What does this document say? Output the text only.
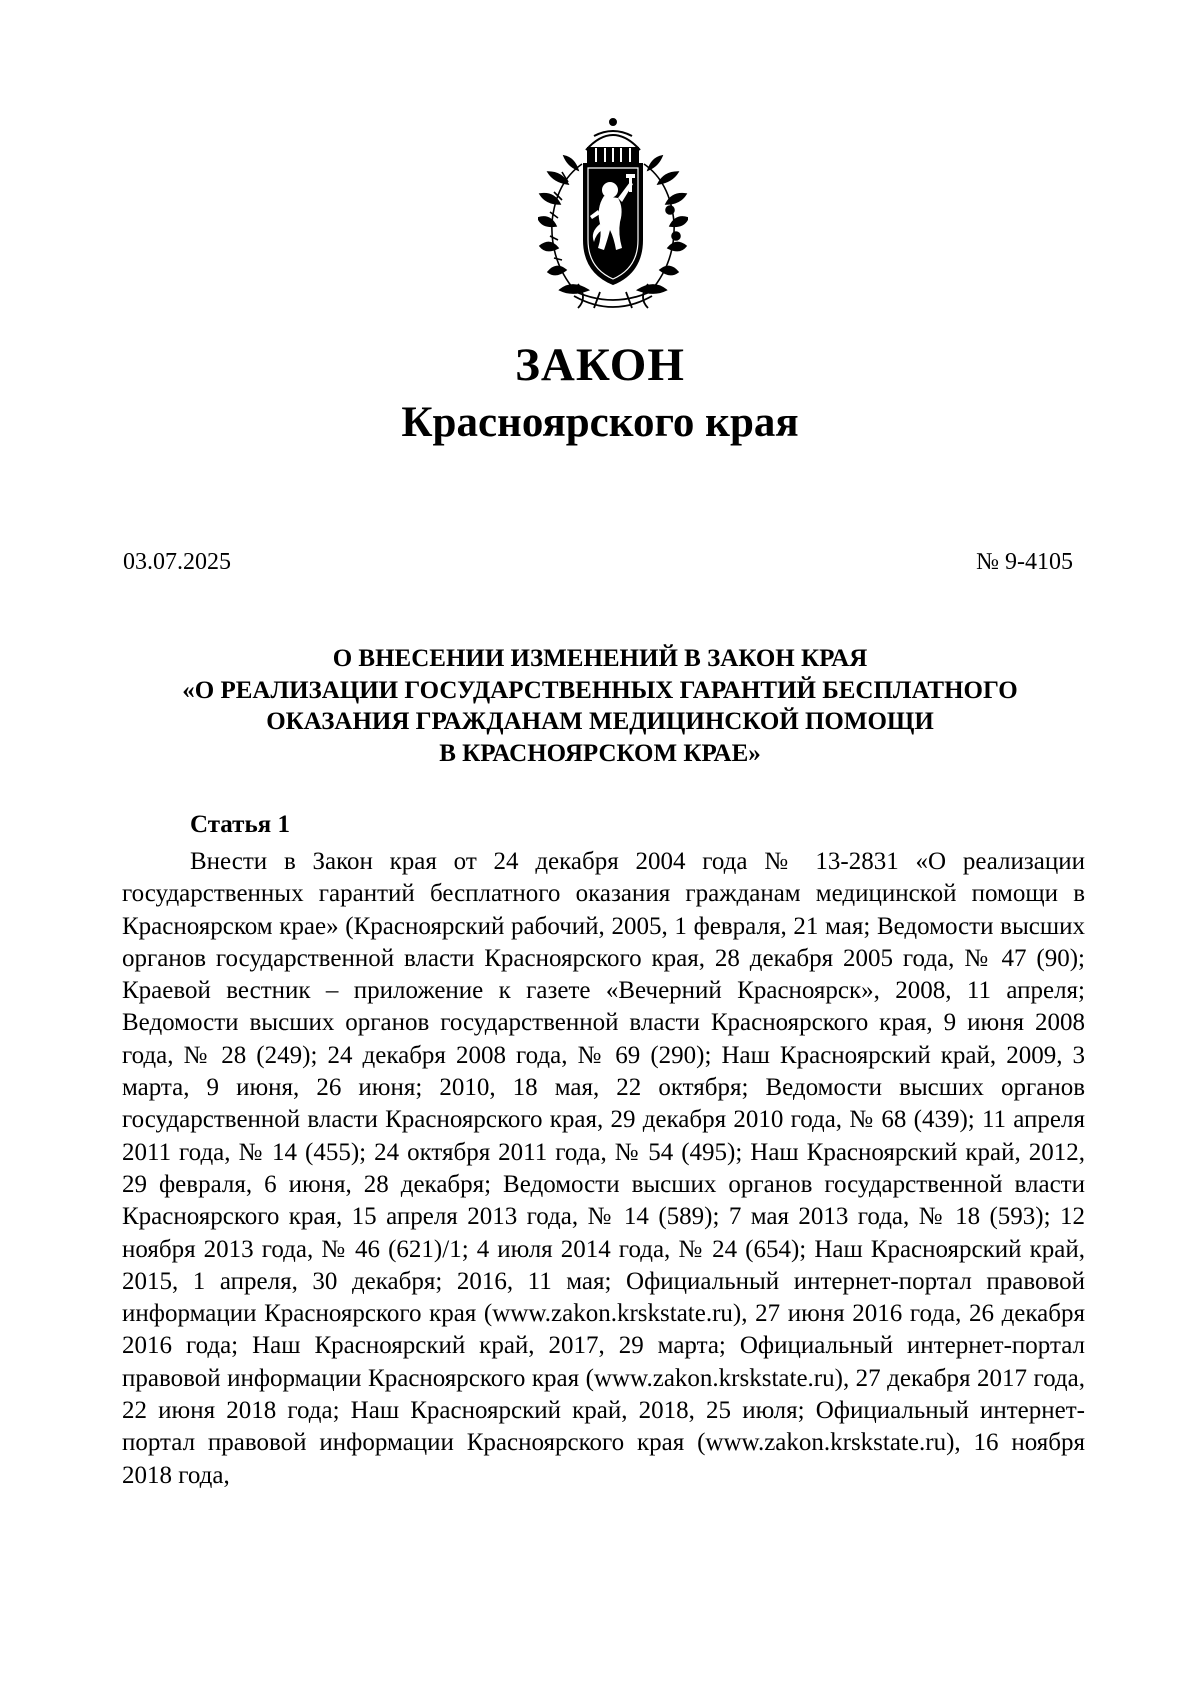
ЗАКОН
Красноярского края
03.07.2025	№ 9-4105
О ВНЕСЕНИИ ИЗМЕНЕНИЙ В ЗАКОН КРАЯ
«О РЕАЛИЗАЦИИ ГОСУДАРСТВЕННЫХ ГАРАНТИЙ БЕСПЛАТНОГО
ОКАЗАНИЯ ГРАЖДАНАМ МЕДИЦИНСКОЙ ПОМОЩИ
В КРАСНОЯРСКОМ КРАЕ»
Статья 1

Внести в Закон края от 24 декабря 2004 года № 13-2831 «О реализации государственных гарантий бесплатного оказания гражданам медицинской помощи в Красноярском крае» (Красноярский рабочий, 2005, 1 февраля, 21 мая; Ведомости высших органов государственной власти Красноярского края, 28 декабря 2005 года, № 47 (90); Краевой вестник – приложение к газете «Вечерний Красноярск», 2008, 11 апреля; Ведомости высших органов государственной власти Красноярского края, 9 июня 2008 года, № 28 (249); 24 декабря 2008 года, № 69 (290); Наш Красноярский край, 2009, 3 марта, 9 июня, 26 июня; 2010, 18 мая, 22 октября; Ведомости высших органов государственной власти Красноярского края, 29 декабря 2010 года, № 68 (439); 11 апреля 2011 года, № 14 (455); 24 октября 2011 года, № 54 (495); Наш Красноярский край, 2012, 29 февраля, 6 июня, 28 декабря; Ведомости высших органов государственной власти Красноярского края, 15 апреля 2013 года, № 14 (589); 7 мая 2013 года, № 18 (593); 12 ноября 2013 года, № 46 (621)/1; 4 июля 2014 года, № 24 (654); Наш Красноярский край, 2015, 1 апреля, 30 декабря; 2016, 11 мая; Официальный интернет-портал правовой информации Красноярского края (www.zakon.krskstate.ru), 27 июня 2016 года, 26 декабря 2016 года; Наш Красноярский край, 2017, 29 марта; Официальный интернет-портал правовой информации Красноярского края (www.zakon.krskstate.ru), 27 декабря 2017 года, 22 июня 2018 года; Наш Красноярский край, 2018, 25 июля; Официальный интернет-портал правовой информации Красноярского края (www.zakon.krskstate.ru), 16 ноября 2018 года,
